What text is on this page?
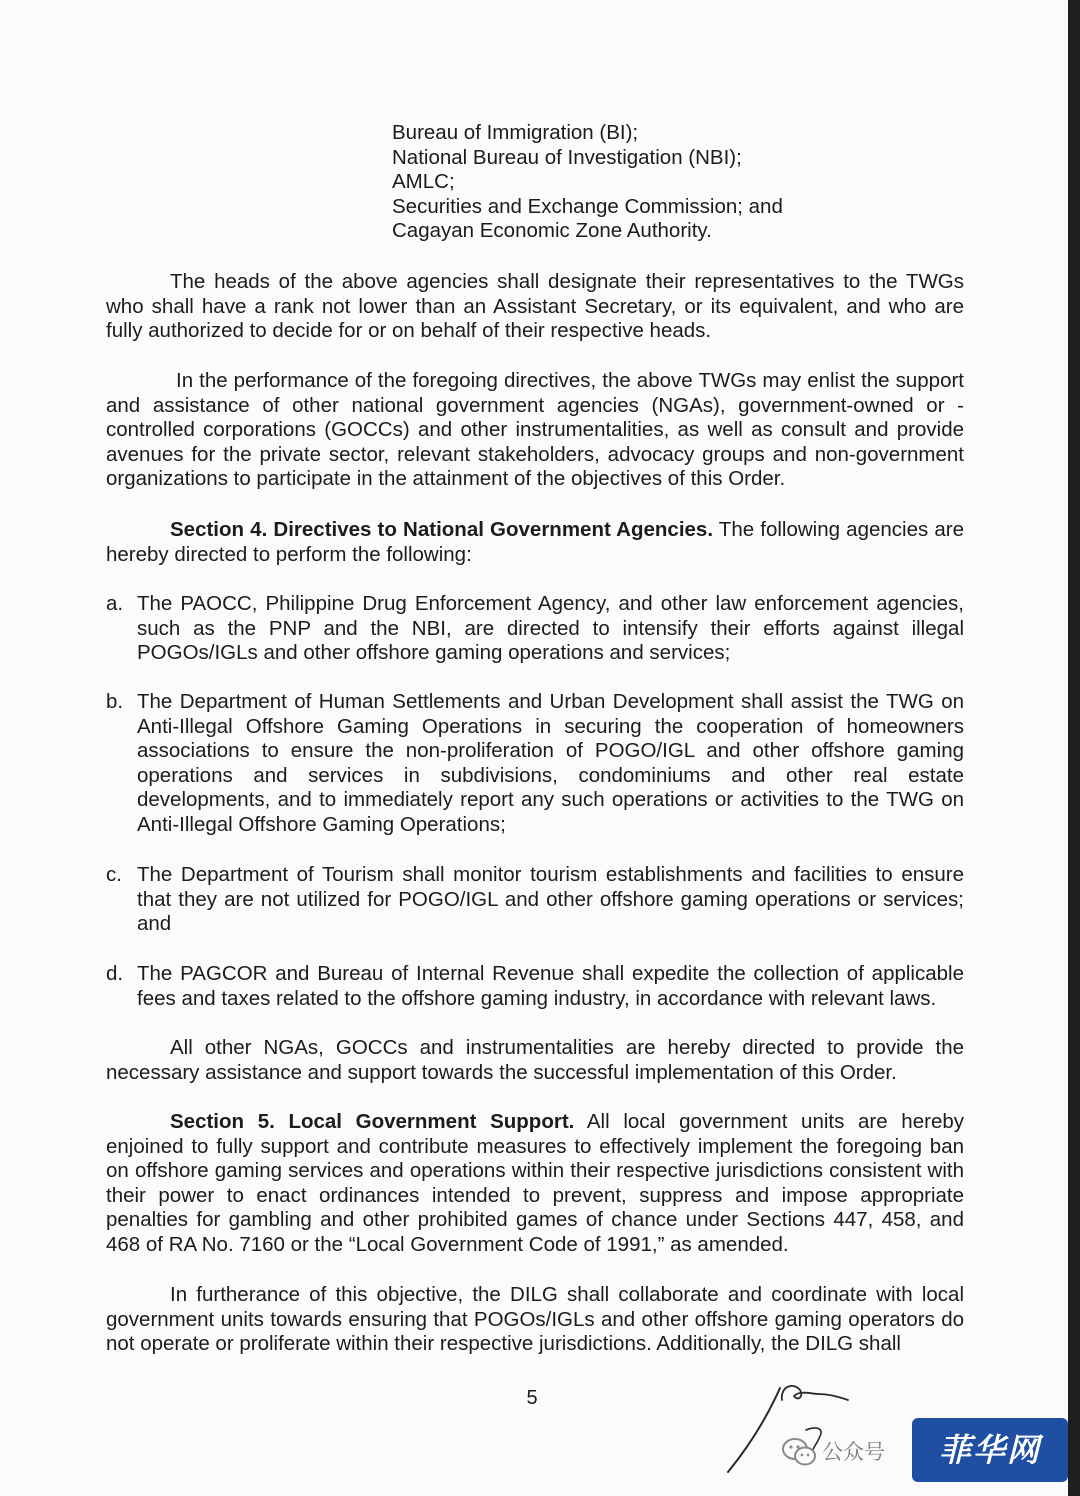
Bureau of Immigration (BI);
National Bureau of Investigation (NBI);
AMLC;
Securities and Exchange Commission; and
Cagayan Economic Zone Authority.

The heads of the above agencies shall designate their representatives to the TWGs who shall have a rank not lower than an Assistant Secretary, or its equivalent, and who are fully authorized to decide for or on behalf of their respective heads.

In the performance of the foregoing directives, the above TWGs may enlist the support and assistance of other national government agencies (NGAs), government-owned or -controlled corporations (GOCCs) and other instrumentalities, as well as consult and provide avenues for the private sector, relevant stakeholders, advocacy groups and non-government organizations to participate in the attainment of the objectives of this Order.

Section 4. Directives to National Government Agencies. The following agencies are hereby directed to perform the following:

a. The PAOCC, Philippine Drug Enforcement Agency, and other law enforcement agencies, such as the PNP and the NBI, are directed to intensify their efforts against illegal POGOs/IGLs and other offshore gaming operations and services;
b. The Department of Human Settlements and Urban Development shall assist the TWG on Anti-Illegal Offshore Gaming Operations in securing the cooperation of homeowners associations to ensure the non-proliferation of POGO/IGL and other offshore gaming operations and services in subdivisions, condominiums and other real estate developments, and to immediately report any such operations or activities to the TWG on Anti-Illegal Offshore Gaming Operations;
c. The Department of Tourism shall monitor tourism establishments and facilities to ensure that they are not utilized for POGO/IGL and other offshore gaming operations or services; and
d. The PAGCOR and Bureau of Internal Revenue shall expedite the collection of applicable fees and taxes related to the offshore gaming industry, in accordance with relevant laws.

All other NGAs, GOCCs and instrumentalities are hereby directed to provide the necessary assistance and support towards the successful implementation of this Order.

Section 5. Local Government Support. All local government units are hereby enjoined to fully support and contribute measures to effectively implement the foregoing ban on offshore gaming services and operations within their respective jurisdictions consistent with their power to enact ordinances intended to prevent, suppress and impose appropriate penalties for gambling and other prohibited games of chance under Sections 447, 458, and 468 of RA No. 7160 or the “Local Government Code of 1991,” as amended.

In furtherance of this objective, the DILG shall collaborate and coordinate with local government units towards ensuring that POGOs/IGLs and other offshore gaming operators do not operate or proliferate within their respective jurisdictions. Additionally, the DILG shall

5
公众号	菲华网
